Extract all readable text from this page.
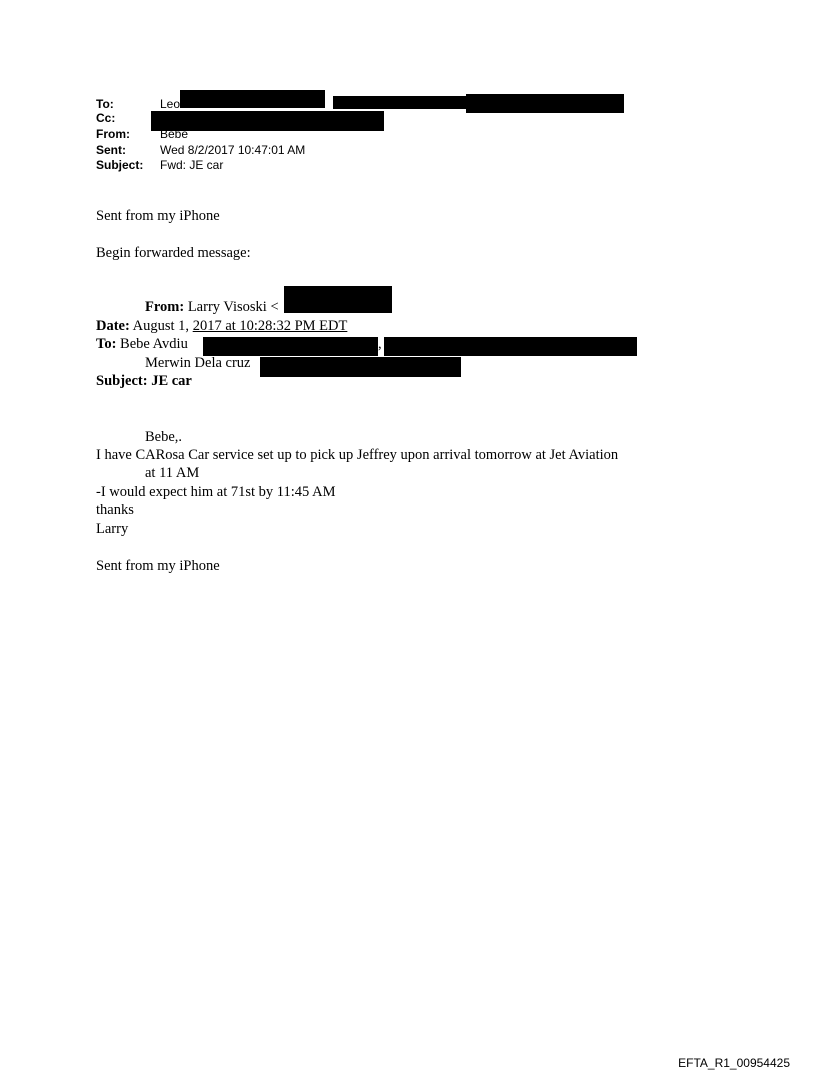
To:	Leo
Cc:
From:	Bebe
Sent:	Wed 8/2/2017 10:47:01 AM
Subject: Fwd: JE car
Sent from my iPhone
Begin forwarded message:
From: Larry Visoski <
Date: August 1, 2017 at 10:28:32 PM EDT
To: Bebe Avdiu	,
Merwin Dela cruz
Subject: JE car
Bebe,.
I have CARosa Car service set up to pick up Jeffrey upon arrival tomorrow at Jet Aviation
at 11 AM
-I would expect him at 71st by 11:45 AM
thanks
Larry
Sent from my iPhone
EFTA_R1_00954425
